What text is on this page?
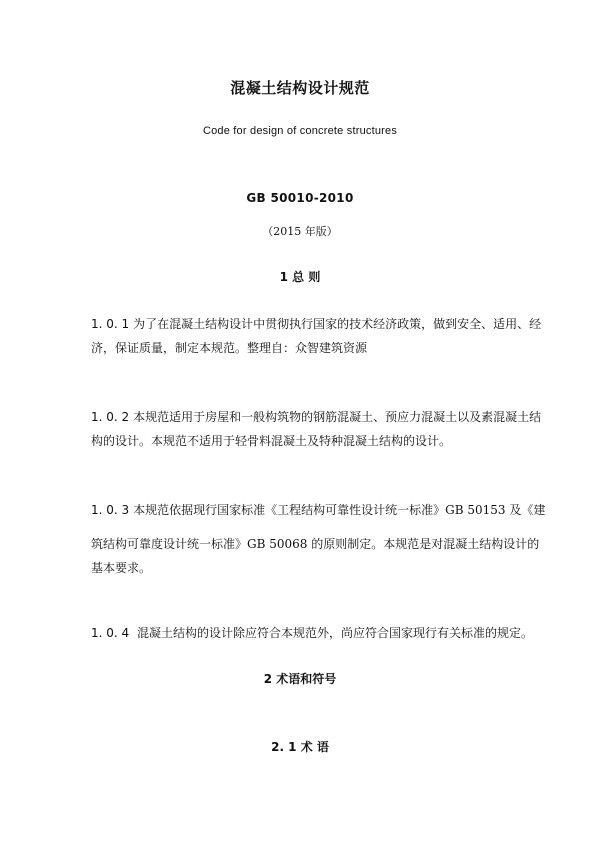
混凝土结构设计规范
Code for design of concrete structures
GB 50010-2010
（2015 年版）
1 总 则
1. 0. 1 为了在混凝土结构设计中贯彻执行国家的技术经济政策，做到安全、适用、经
济，保证质量，制定本规范。整理自：众智建筑资源
1. 0. 2 本规范适用于房屋和一般构筑物的钢筋混凝土、预应力混凝土以及素混凝土结
构的设计。本规范不适用于轻骨料混凝土及特种混凝土结构的设计。
1. 0. 3 本规范依据现行国家标准《工程结构可靠性设计统一标准》GB 50153 及《建
筑结构可靠度设计统一标准》GB 50068 的原则制定。本规范是对混凝土结构设计的
基本要求。
1. 0. 4 混凝土结构的设计除应符合本规范外，尚应符合国家现行有关标准的规定。
2 术语和符号
2. 1 术 语
